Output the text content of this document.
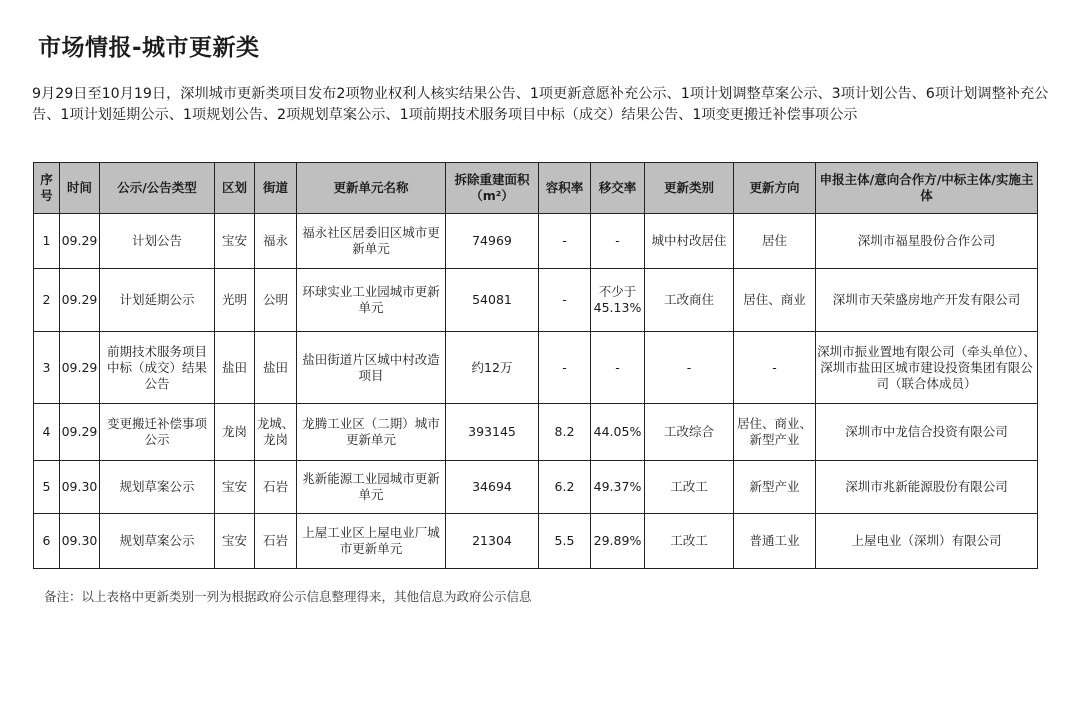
市场情报-城市更新类
9月29日至10月19日，深圳城市更新类项目发布2项物业权利人核实结果公告、1项更新意愿补充公示、1项计划调整草案公示、3项计划公告、6项计划调整补充公告、1项计划延期公示、1项规划公告、2项规划草案公示、1项前期技术服务项目中标（成交）结果公告、1项变更搬迁补偿事项公示
序号	时间	公示/公告类型	区划	街道	更新单元名称	拆除重建面积（m²）	容积率	移交率	更新类别	更新方向	申报主体/意向合作方/中标主体/实施主体
1	09.29	计划公告	宝安	福永	福永社区居委旧区城市更新单元	74969	-	-	城中村改居住	居住	深圳市福星股份合作公司
2	09.29	计划延期公示	光明	公明	环球实业工业园城市更新单元	54081	-	不少于45.13%	工改商住	居住、商业	深圳市天荣盛房地产开发有限公司
3	09.29	前期技术服务项目中标（成交）结果公告	盐田	盐田	盐田街道片区城中村改造项目	约12万	-	-	-	-	深圳市振业置地有限公司（牵头单位）、深圳市盐田区城市建设投资集团有限公司（联合体成员）
4	09.29	变更搬迁补偿事项公示	龙岗	龙城、龙岗	龙腾工业区（二期）城市更新单元	393145	8.2	44.05%	工改综合	居住、商业、新型产业	深圳市中龙信合投资有限公司
5	09.30	规划草案公示	宝安	石岩	兆新能源工业园城市更新单元	34694	6.2	49.37%	工改工	新型产业	深圳市兆新能源股份有限公司
6	09.30	规划草案公示	宝安	石岩	上屋工业区上屋电业厂城市更新单元	21304	5.5	29.89%	工改工	普通工业	上屋电业（深圳）有限公司
备注：以上表格中更新类别一列为根据政府公示信息整理得来，其他信息为政府公示信息
